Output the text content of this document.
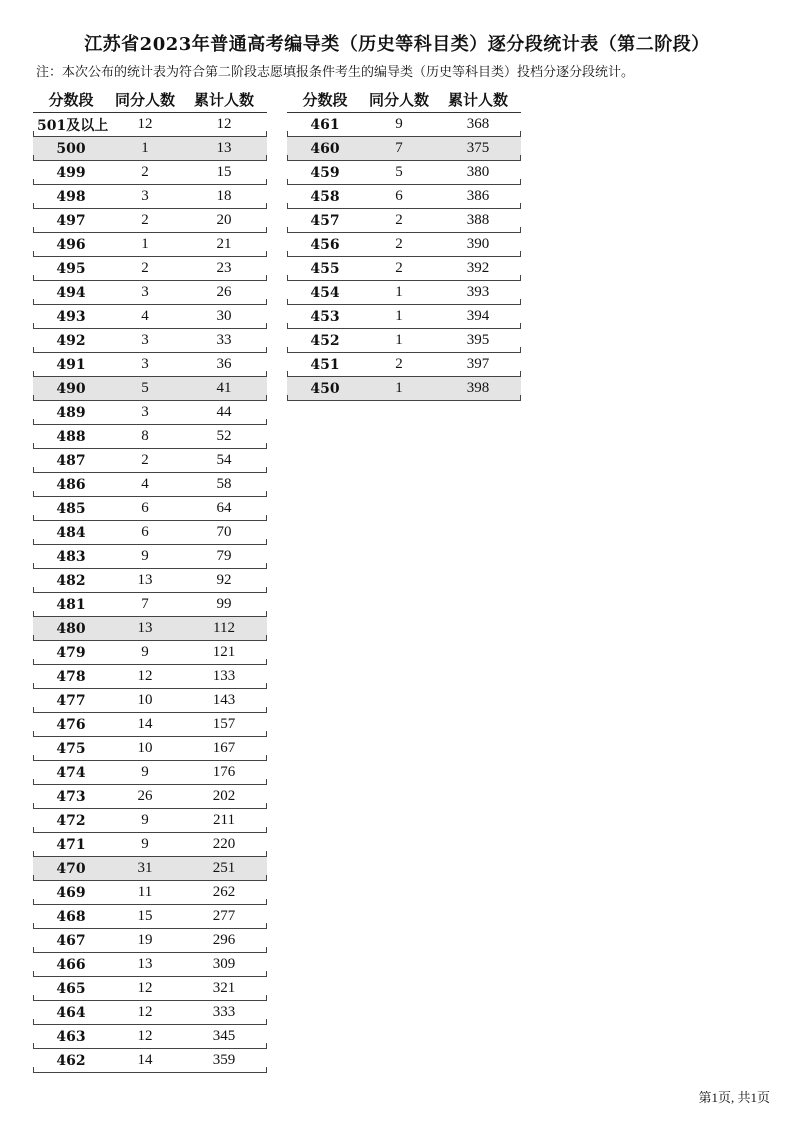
江苏省2023年普通高考编导类（历史等科目类）逐分段统计表（第二阶段）
注：本次公布的统计表为符合第二阶段志愿填报条件考生的编导类（历史等科目类）投档分逐分段统计。
分数段	同分人数	累计人数
501及以上	12	12
500	1	13
499	2	15
498	3	18
497	2	20
496	1	21
495	2	23
494	3	26
493	4	30
492	3	33
491	3	36
490	5	41
489	3	44
488	8	52
487	2	54
486	4	58
485	6	64
484	6	70
483	9	79
482	13	92
481	7	99
480	13	112
479	9	121
478	12	133
477	10	143
476	14	157
475	10	167
474	9	176
473	26	202
472	9	211
471	9	220
470	31	251
469	11	262
468	15	277
467	19	296
466	13	309
465	12	321
464	12	333
463	12	345
462	14	359
分数段	同分人数	累计人数
461	9	368
460	7	375
459	5	380
458	6	386
457	2	388
456	2	390
455	2	392
454	1	393
453	1	394
452	1	395
451	2	397
450	1	398
第1页, 共1页
